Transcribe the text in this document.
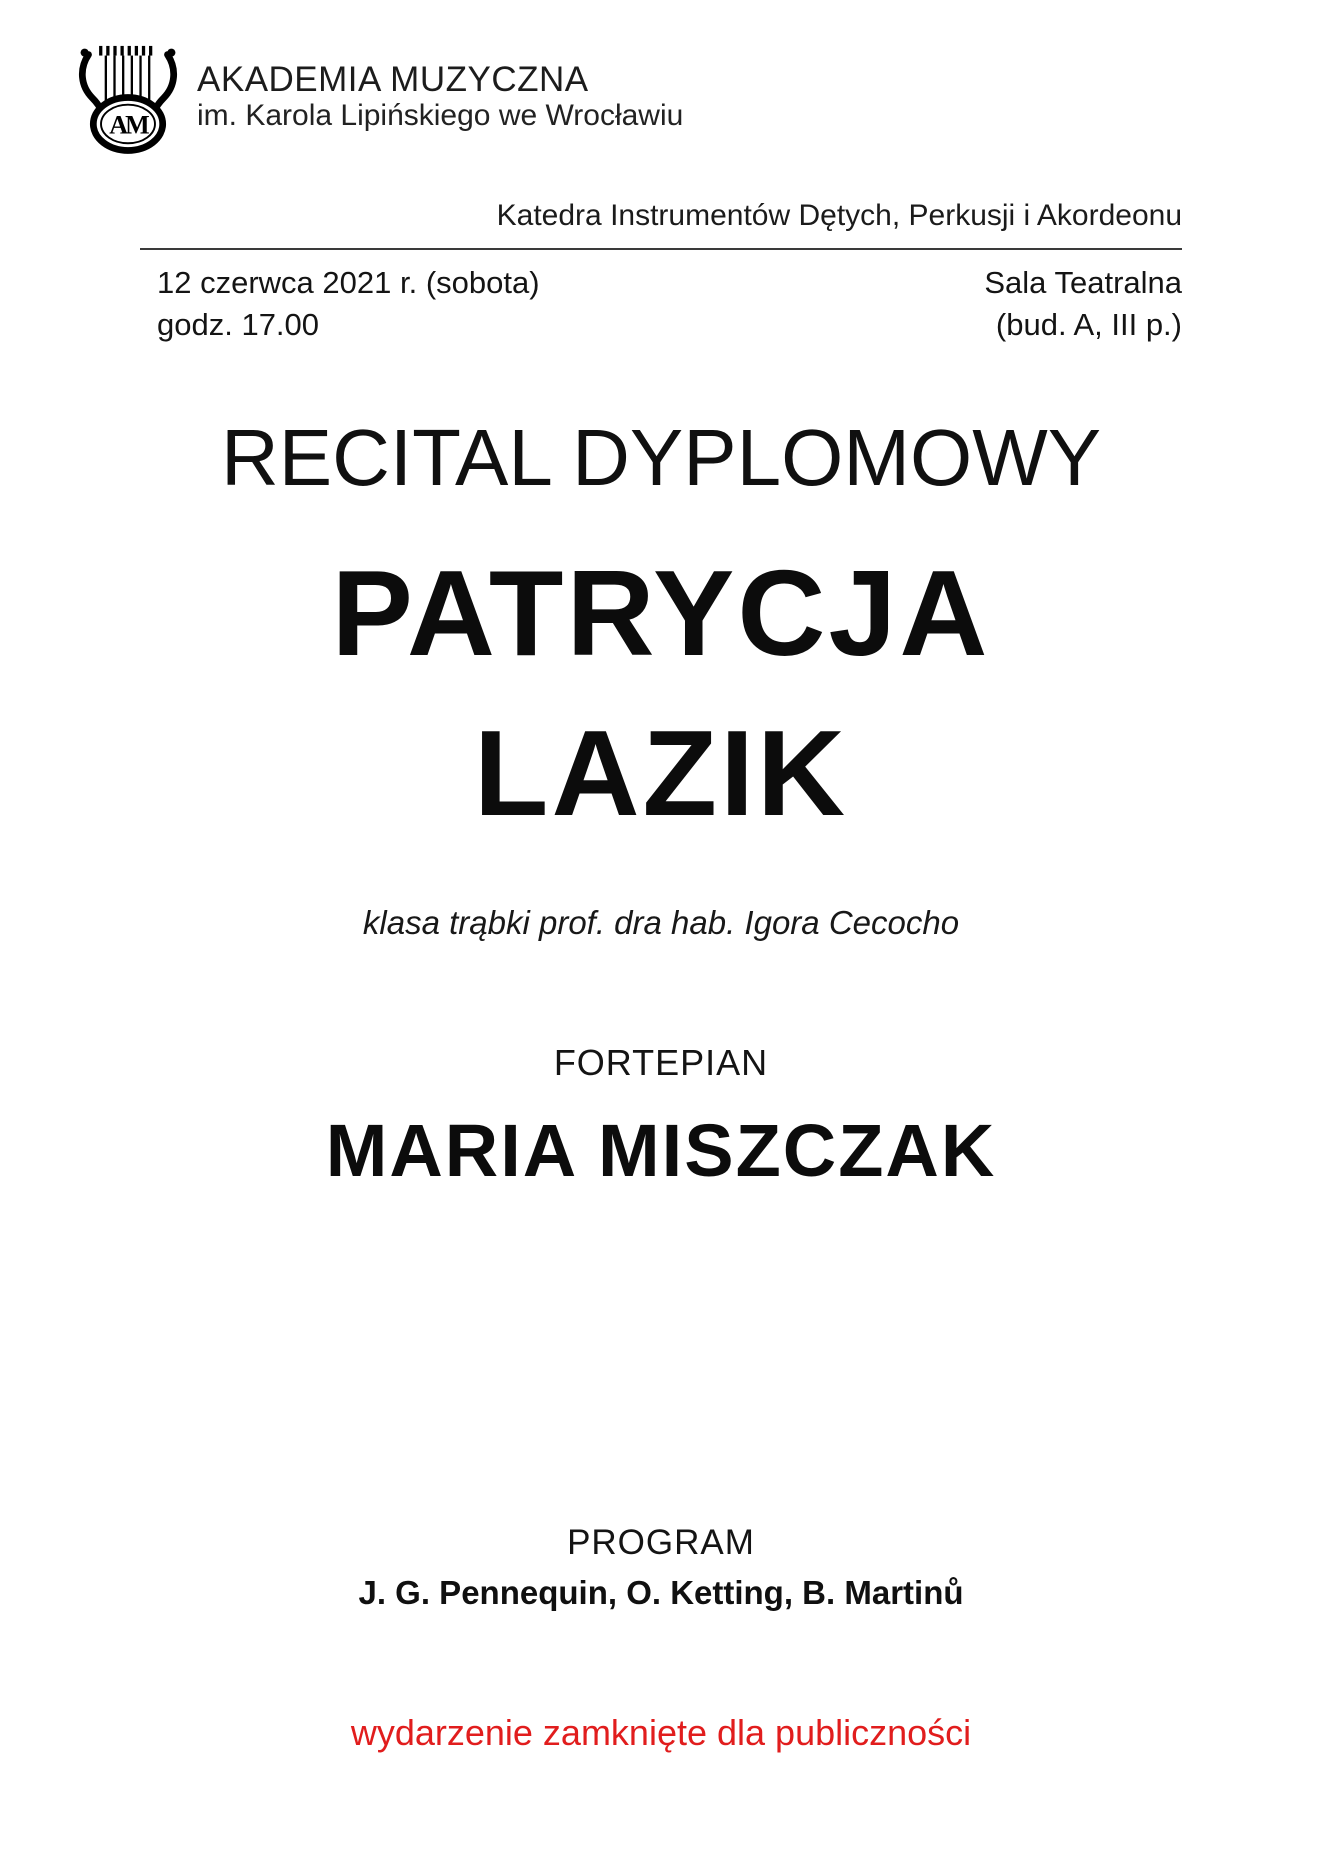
AM
AKADEMIA MUZYCZNA
im. Karola Lipińskiego we Wrocławiu
Katedra Instrumentów Dętych, Perkusji i Akordeonu
12 czerwca 2021 r. (sobota)	Sala Teatralna
godz. 17.00	(bud. A, III p.)
RECITAL DYPLOMOWY
PATRYCJA
LAZIK
klasa trąbki prof. dra hab. Igora Cecocho
FORTEPIAN
MARIA MISZCZAK
PROGRAM
J. G. Pennequin, O. Ketting, B. Martinů
wydarzenie zamknięte dla publiczności
